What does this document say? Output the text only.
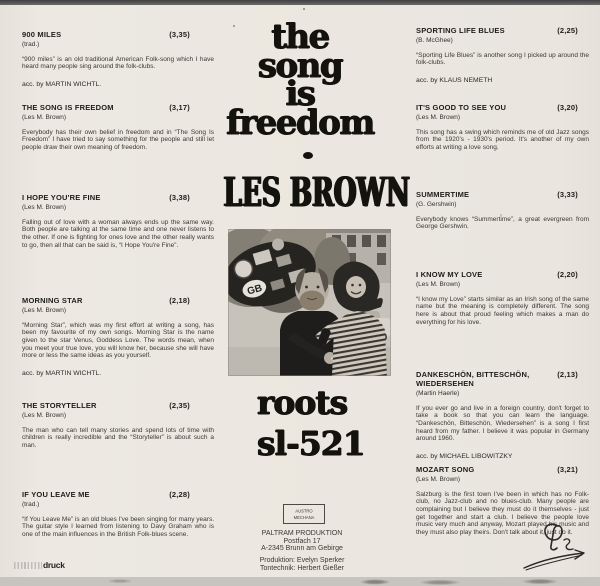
900 MILES	(3,35)
(trad.)
“900 miles” is an old traditional American Folk-song which I have heard many people sing around the folk-clubs.
acc. by MARTIN WICHTL.
THE SONG IS FREEDOM	(3,17)
(Les M. Brown)
Everybody has their own belief in freedom and in “The Song Is Freedom” I have tried to say something for the people and still let people draw their own meaning of freedom.
I HOPE YOU'RE FINE	(3,38)
(Les M. Brown)
Falling out of love with a woman always ends up the same way. Both people are talking at the same time and one never listens to the other. If one is fighting for ones love and the other really wants to go, then all that can be said is, “I Hope You're Fine”.
MORNING STAR	(2,18)
(Les M. Brown)
“Morning Star”, which was my first effort at writing a song, has been my favourite of my own songs. Morning Star is the name given to the star Venus, Goddess Love. The words mean, when you meet your true love, you will know her, because she will have more or less the same ideas as you yourself.
acc. by MARTIN WICHTL.
THE STORYTELLER	(2,35)
(Les M. Brown)
The man who can tell many stories and spend lots of time with children is really incredible and the “Storyteller” is about such a man.
IF YOU LEAVE ME	(2,28)
(trad.)
“If You Leave Me” is an old blues I've been singing for many years. The guitar style I learned from listening to Davy Graham who is one of the main influences in the British Folk-blues scene.
SPORTING LIFE BLUES	(2,25)
(B. McGhee)
“Sporting Life Blues” is another song I picked up around the folk-clubs.
acc. by KLAUS NEMETH
IT'S GOOD TO SEE YOU	(3,20)
(Les M. Brown)
This song has a swing which reminds me of old Jazz songs from the 1920's - 1930's period. It's another of my own efforts at writing a love song.
SUMMERTIME	(3,33)
(G. Gershwin)
Everybody knows “Summertime”, a great evergreen from George Gershwin.
I KNOW MY LOVE	(2,20)
(Les M. Brown)
“I know my Love” starts similar as an Irish song of the same name but the meaning is completely different. The song here is about that proud feeling which makes a man do everything for his love.
DANKESCHÖN, BITTESCHÖN, WIEDERSEHEN
(2,13)
(Martin Haerle)
If you ever go and live in a foreign country, don't forget to take a book so that you can learn the language. “Dankeschön, Bitteschön, Wiedersehen” is a song I first heard from my father. I believe it was popular in Germany around 1960.
acc. by MICHAEL LIBOWITZKY
MOZART SONG	(3,21)
(Les M. Brown)
Salzburg is the first town I've been in which has no Folk-club, no Jazz-club and no blues-club. Many people are complaining but I believe they must do it themselves - just get together and start a club. I believe the people love music very much and anyway, Mozart played his music and they must also play theirs. Don't talk about it, just do it.
the
song
is
freedom
LES BROWN
GB
roots
sl-521
AUSTRO
MECHANA
PALTRAM PRODUKTION
Postfach 17
A-2345 Brunn am Gebirge
Produktion: Evelyn Sperker
Tontechnik: Herbert Gießer
druck
